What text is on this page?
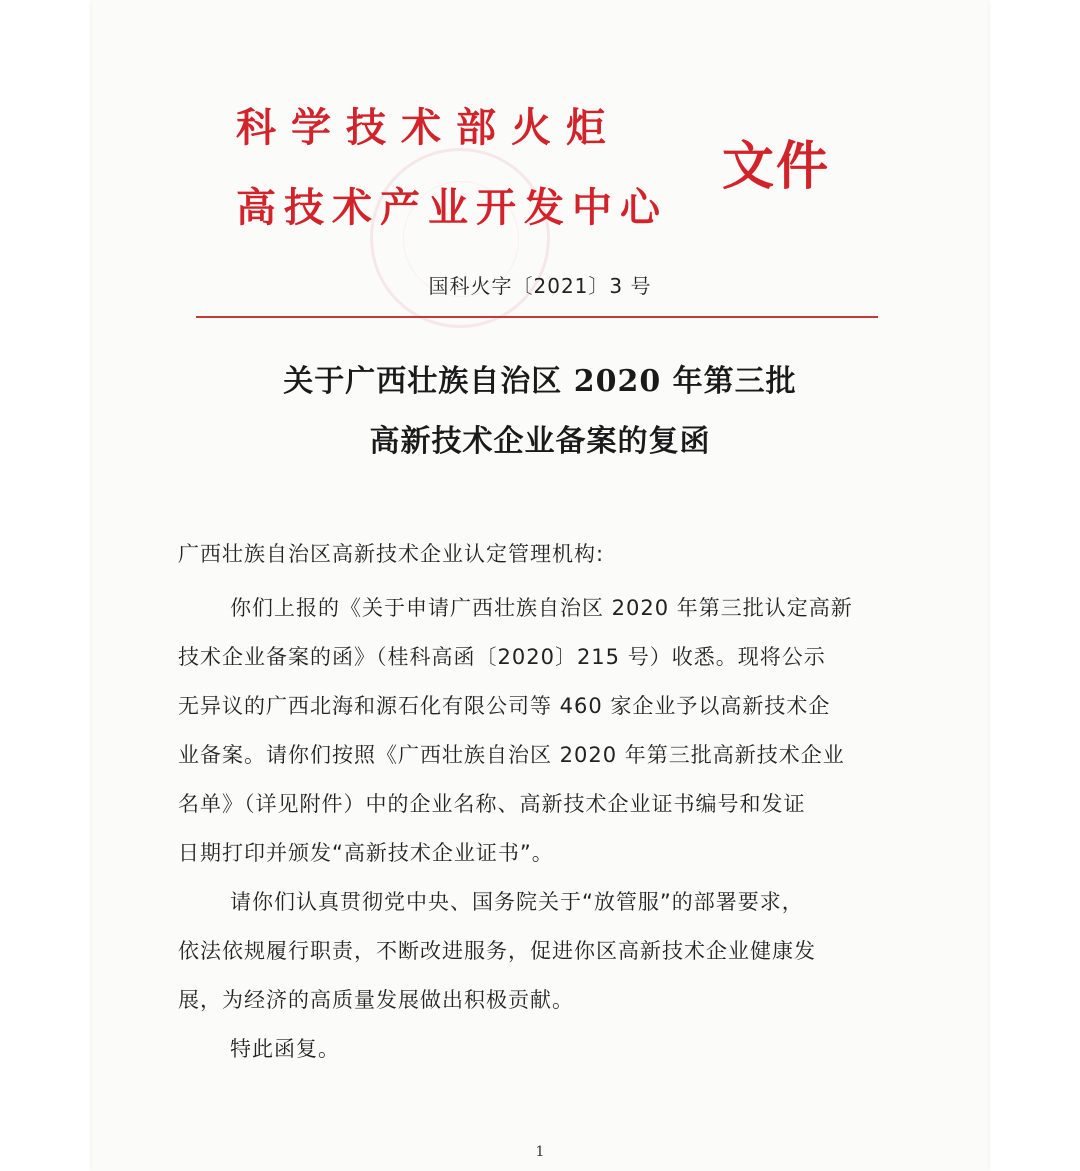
科学技术部火炬
高技术产业开发中心
文件
国科火字〔2021〕3 号
关于广西壮族自治区 2020 年第三批
高新技术企业备案的复函
广西壮族自治区高新技术企业认定管理机构:
你们上报的《关于申请广西壮族自治区 2020 年第三批认定高新
技术企业备案的函》（桂科高函〔2020〕215 号）收悉。现将公示
无异议的广西北海和源石化有限公司等 460 家企业予以高新技术企
业备案。请你们按照《广西壮族自治区 2020 年第三批高新技术企业
名单》（详见附件）中的企业名称、高新技术企业证书编号和发证
日期打印并颁发“高新技术企业证书”。
请你们认真贯彻党中央、国务院关于“放管服”的部署要求，
依法依规履行职责，不断改进服务，促进你区高新技术企业健康发
展，为经济的高质量发展做出积极贡献。
特此函复。
1
